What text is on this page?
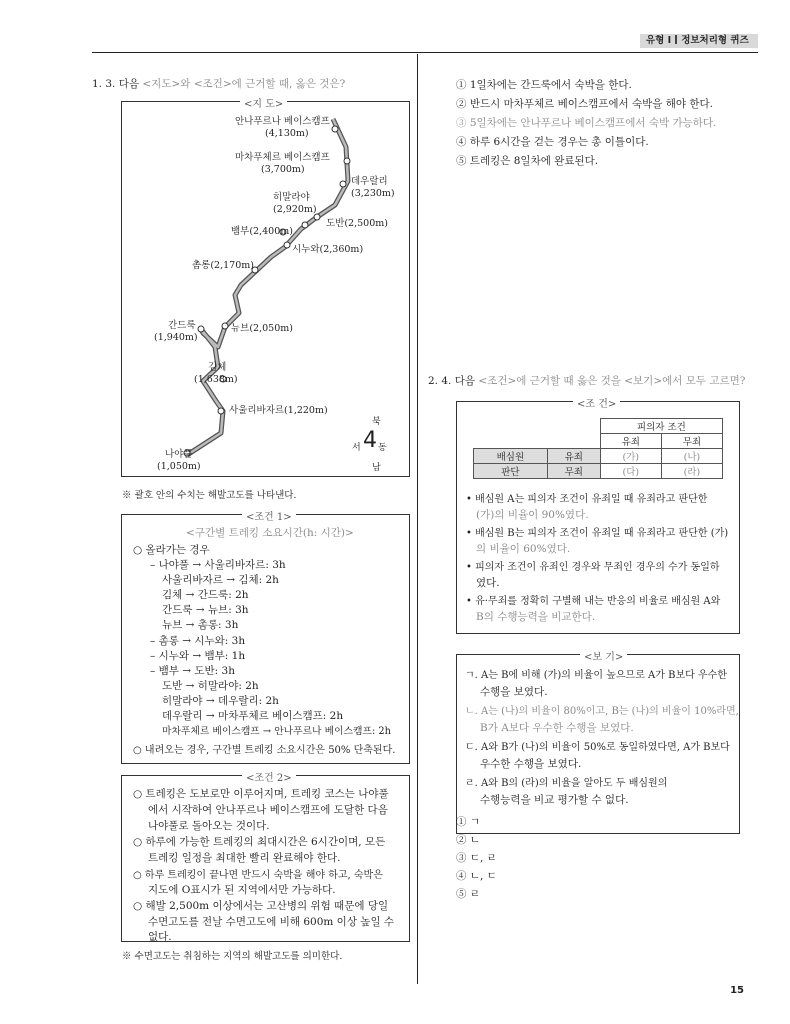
유형 I 정보처리형 퀴즈
1. 3. 다음 <지도>와 <조건>에 근거할 때, 옳은 것은?
<지 도>
안나푸르나 베이스캠프
(4,130m)
마차푸체르 베이스캠프
(3,700m)
데우랄리
(3,230m)
히말라야
(2,920m)
도반(2,500m)
뱀부(2,400m)
시누와(2,360m)
촘롱(2,170m)
간드룩
(1,940m)
뉴브(2,050m)
김체
(1,638m)
사울리바자르(1,220m)
나야풀
(1,050m)
북
서 동
남
4
※ 괄호 안의 수치는 해발고도를 나타낸다.
<조건 1>
<구간별 트레킹 소요시간(h: 시간)>
○ 올라가는 경우
– 나야풀 → 사울리바자르: 3h
사울리바자르 → 김체: 2h
김체 → 간드룩: 2h
간드룩 → 뉴브: 3h
뉴브 → 촘롱: 3h
– 촘롱 → 시누와: 3h
– 시누와 → 뱀부: 1h
– 뱀부 → 도반: 3h
도반 → 히말라야: 2h
히말라야 → 데우랄리: 2h
데우랄리 → 마차푸체르 베이스캠프: 2h
마차푸체르 베이스캠프 → 안나푸르나 베이스캠프: 2h
○ 내려오는 경우, 구간별 트레킹 소요시간은 50% 단축된다.
<조건 2>
○ 트레킹은 도보로만 이루어지며, 트레킹 코스는 나야풀
에서 시작하여 안나푸르나 베이스캠프에 도달한 다음
나야풀로 돌아오는 것이다.
○ 하루에 가능한 트레킹의 최대시간은 6시간이며, 모든
트레킹 일정을 최대한 빨리 완료해야 한다.
○ 하루 트레킹이 끝나면 반드시 숙박을 해야 하고, 숙박은
지도에 O표시가 된 지역에서만 가능하다.
○ 해발 2,500m 이상에서는 고산병의 위험 때문에 당일
수면고도를 전날 수면고도에 비해 600m 이상 높일 수
없다.
※ 수면고도는 취침하는 지역의 해발고도를 의미한다.
① 1일차에는 간드룩에서 숙박을 한다.
② 반드시 마차푸체르 베이스캠프에서 숙박을 해야 한다.
③ 5일차에는 안나푸르나 베이스캠프에서 숙박 가능하다.
④ 하루 6시간을 걷는 경우는 총 이틀이다.
⑤ 트레킹은 8일차에 완료된다.
2. 4. 다음 <조건>에 근거할 때 옳은 것을 <보기>에서 모두 고르면?
<조 건>
		피의자 조건	
		유죄	무죄
배심원	유죄	(가)	(나)
판단	무죄	(다)	(라)
• 배심원 A는 피의자 조건이 유죄일 때 유죄라고 판단한
(가)의 비율이 90%였다.
• 배심원 B는 피의자 조건이 유죄일 때 유죄라고 판단한 (가)
의 비율이 60%였다.
• 피의자 조건이 유죄인 경우와 무죄인 경우의 수가 동일하
였다.
• 유·무죄를 정확히 구별해 내는 반응의 비율로 배심원 A와
B의 수행능력을 비교한다.
<보 기>
ㄱ. A는 B에 비해 (가)의 비율이 높으므로 A가 B보다 우수한
수행을 보였다.
ㄴ. A는 (나)의 비율이 80%이고, B는 (나)의 비율이 10%라면,
B가 A보다 우수한 수행을 보였다.
ㄷ. A와 B가 (나)의 비율이 50%로 동일하였다면, A가 B보다
우수한 수행을 보였다.
ㄹ. A와 B의 (라)의 비율을 알아도 두 배심원의
수행능력을 비교 평가할 수 없다.
① ㄱ
② ㄴ
③ ㄷ, ㄹ
④ ㄴ, ㄷ
⑤ ㄹ
15
